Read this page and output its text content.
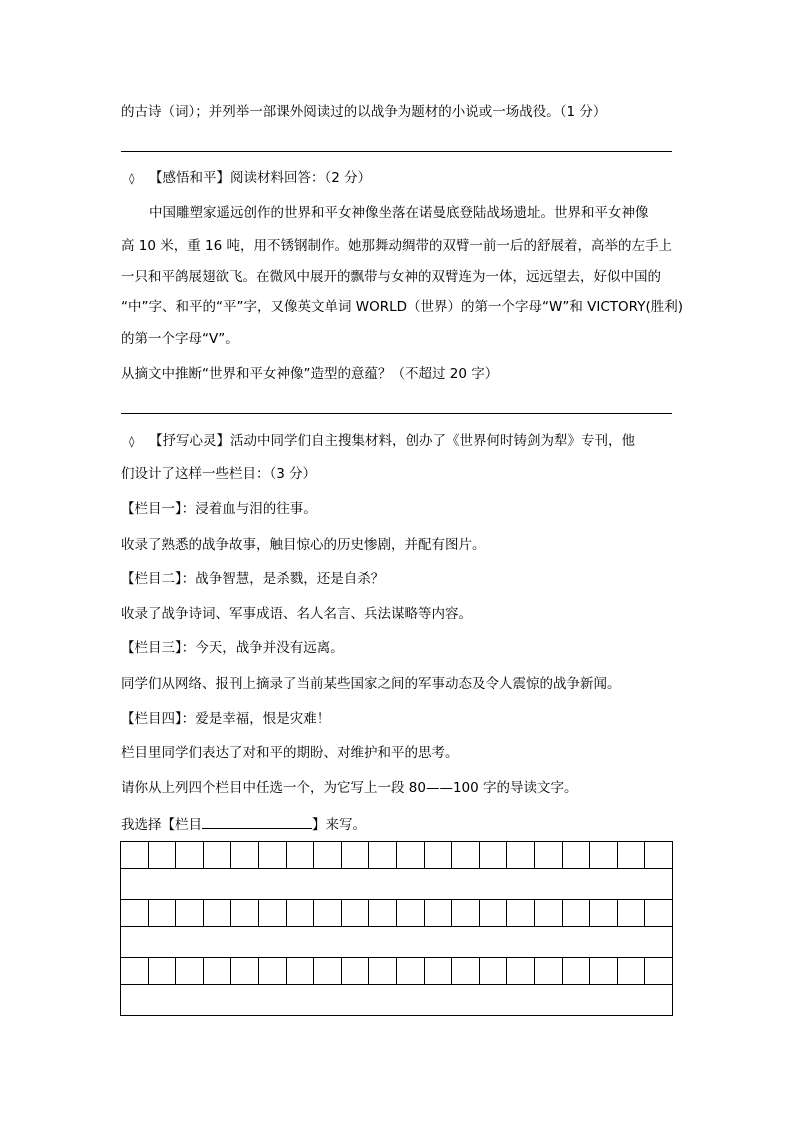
的古诗（词）；并列举一部课外阅读过的以战争为题材的小说或一场战役。（1 分）
◊ 【感悟和平】阅读材料回答：（2 分）
中国雕塑家遥远创作的世界和平女神像坐落在诺曼底登陆战场遗址。世界和平女神像
高 10 米，重 16 吨，用不锈钢制作。她那舞动绸带的双臂一前一后的舒展着，高举的左手上
一只和平鸽展翅欲飞。在微风中展开的飘带与女神的双臂连为一体，远远望去，好似中国的
“中”字、和平的“平”字，又像英文单词 WORLD（世界）的第一个字母“W”和 VICTORY(胜利)
的第一个字母“V”。
从摘文中推断“世界和平女神像”造型的意蕴？（不超过 20 字）
◊ 【抒写心灵】活动中同学们自主搜集材料，创办了《世界何时铸剑为犁》专刊，他
们设计了这样一些栏目：（3 分）
【栏目一】：浸着血与泪的往事。
收录了熟悉的战争故事，触目惊心的历史惨剧，并配有图片。
【栏目二】：战争智慧，是杀戮，还是自杀？
收录了战争诗词、军事成语、名人名言、兵法谋略等内容。
【栏目三】：今天，战争并没有远离。
同学们从网络、报刊上摘录了当前某些国家之间的军事动态及令人震惊的战争新闻。
【栏目四】：爱是幸福，恨是灾难！
栏目里同学们表达了对和平的期盼、对维护和平的思考。
请你从上列四个栏目中任选一个，为它写上一段 80——100 字的导读文字。
我选择【栏目	】来写。
